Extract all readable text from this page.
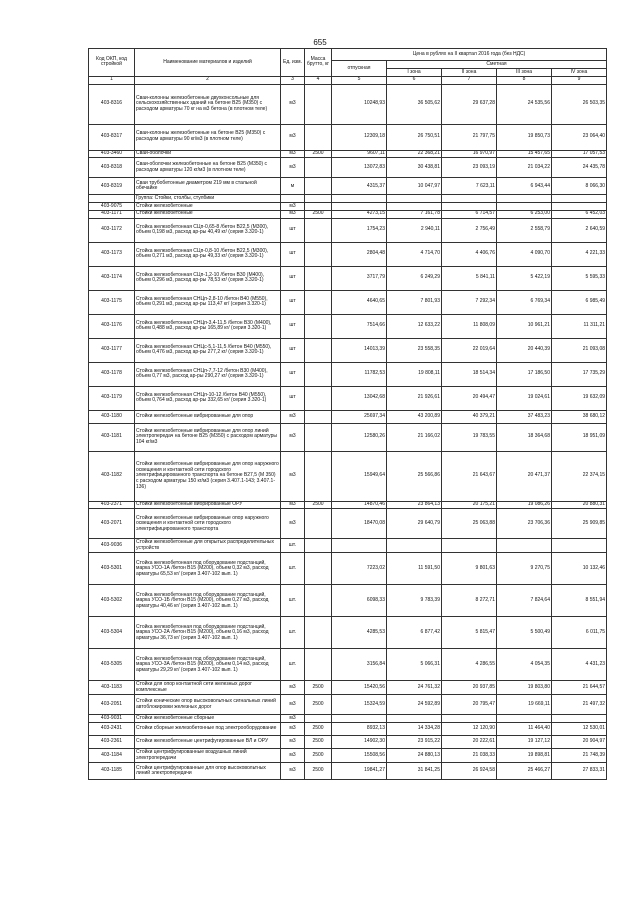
655
Код ОКП, код стройкой	Наименование материалов и изделий	Ед. изм.	Масса брутто, кг	Цена в рублях на II квартал 2016 года (без НДС)				
				отпускная	Сметная			
					I зона	II зона	III зона	IV зона
1	2	3	4	5	6	7	8	9
403-8316	Сваи-колонны железобетонные двухконсольные для сельскохозяйственных зданий на бетоне В25 (М350) с расходом арматуры 70 кг на м3 бетона (в плотном теле)	м3		10248,93	36 505,62	29 637,28	24 535,56	26 503,35
403-8317	Сваи-колонны железобетонные на бетоне В25 (М350) с расходом арматуры 90 кг/м3 (в плотном теле)	м3		12309,18	26 750,51	21 797,75	19 850,73	23 064,40
403-3460	Сваи-оболочки	м3	2500	9607,11	22 368,21	16 970,97	15 457,65	17 057,53
403-8318	Сваи-оболочки железобетонные на бетоне В25 (М350) с расходом арматуры 120 кг/м3 (в плотном теле)	м3		13072,83	30 438,81	23 093,19	21 034,22	24 435,78
403-8319	Сваи трубобетонные диаметром 219 мм в стальной обечайке	м		4315,37	10 047,97	7 623,11	6 943,44	8 066,30
	Группа: Стойки, столбы, стулбики							
403-9075	Стойки железобетонные	м3						
403-1171	Стойки железобетонные	м3	2500	4273,15	7 161,78	6 714,57	6 253,00	6 452,03
403-1172	Стойка железобетонная СЦп-0,65-8 /бетон В22,5 (М300), объем 0,198 м3, расход ар-ры 40,49 кг/ (серия 3.320-1)	шт		1754,23	2 940,11	2 756,49	2 558,79	2 640,59
403-1173	Стойка железобетонная СЦп-0,8-10 /бетон В22,5 (М300), объем 0,271 м3, расход ар-ры 49,33 кг/ (серия 3.320-1)	шт		2804,48	4 714,70	4 406,76	4 090,70	4 221,33
403-1174	Стойка железобетонная СЦп-1,2-10 /бетон В30 (М400), объем 0,296 м3, расход ар-ры 78,53 кг/ (серия 3.320-1)	шт		3717,79	6 249,29	5 841,11	5 422,19	5 595,33
403-1175	Стойка железобетонная СНЦп-2,8-10 /бетон В40 (М550), объем 0,291 м3, расход ар-ры 113,47 кг/ (серия 3.320-1)	шт		4640,65	7 801,93	7 292,34	6 769,34	6 985,49
403-1176	Стойка железобетонная СНЦп-3,4-11,5 /бетон В30 (М400), объем 0,488 м3, расход ар-ры 165,89 кг/ (серия 3.320-1)	шт		7514,66	12 633,22	11 808,09	10 961,21	11 311,21
403-1177	Стойка железобетонная СНЦс-5,1-11,5 /бетон В40 (М550), объем 0,476 м3, расход ар-ры 277,2 кг/ (серия 3.320-1)	шт		14013,39	23 558,35	22 019,64	20 440,39	21 093,08
403-1178	Стойка железобетонная СНЦп-7,7-12 /бетон В30 (М400), объем 0,77 м3, расход ар-ры 290,27 кг/ (серия 3.320-1)	шт		11782,53	19 808,11	18 514,34	17 186,50	17 735,29
403-1179	Стойка железобетонная СНЦп-10-12 /бетон В40 (М550), объем 0,764 м3, расход ар-ры 332,65 кг/ (серия 3.320-1)	шт		13042,68	21 926,61	20 494,47	19 024,61	19 632,09
403-1180	Стойки железобетонные вибрированные для опор	м3		25697,34	43 200,89	40 379,21	37 483,23	38 680,12
403-1181	Стойки железобетонные вибрированные для опор линий электропередач на бетоне В25 (М350) с расходом арматуры 104 кг/м3	м3		12580,26	21 166,02	19 783,55	18 364,68	18 951,09
403-1182	Стойки железобетонные вибрированные для опор наружного освещения и контактной сети городского электрифицированного транспорта на бетоне В27,5 (М 350) с расходом арматуры 150 кг/м3 (серия 3.407.1-143; 3.407.1-136)	м3		15949,64	25 566,86	21 643,67	20 471,37	22 374,15
403-2371	Стойки железобетонные вибрированные ОРУ	м3	2500	14870,46	23 864,13	20 175,21	19 086,26	20 880,31
403-2071	Стойки железобетонные вибрированные опор наружного освещения и контактной сети городского электрифицированного транспорта	м3		18470,08	29 640,79	25 063,88	23 706,36	25 909,85
403-9036	Стойки железобетонные для открытых распределительных устройств	шт.						
403-5301	Стойка железобетонная под оборудование подстанций, марка УСО-1А /бетон В15 (М200), объем 0,32 м3, расход арматуры 65,53 кг/ (серия 3.407-102 вып. 1)	шт.		7223,02	11 591,50	9 801,63	9 270,75	10 132,46
403-5302	Стойка железобетонная под оборудование подстанций, марка УСО-1Б /бетон В15 (М200), объем 0,27 м3, расход арматуры 40,46 кг/ (серия 3.407-102 вып. 1)	шт.		6098,33	9 783,39	8 272,71	7 824,64	8 551,94
403-5304	Стойка железобетонная под оборудование подстанций, марка УСО-2А /бетон В15 (М200), объем 0,16 м3, расход арматуры 36,73 кг/ (серия 3.407-102 вып. 1)	шт.		4285,53	6 877,42	5 815,47	5 500,49	6 011,75
403-5305	Стойка железобетонная под оборудование подстанций, марка УСО-3А /бетон В15 (М200), объем 0,14 м3, расход арматуры 29,29 кг/ (серия 3.407-102 вып. 1)	шт.		3156,84	5 066,31	4 286,55	4 054,35	4 431,23
403-1183	Стойки для опор контактной сети железных дорог комплексные	м3	2500	15420,56	24 761,32	20 937,85	19 803,80	21 644,57
403-2051	Стойки конические опор высоковольтных сигнальных линий автоблокировки железных дорог	м3	2500	15324,59	24 592,89	20 795,47	19 669,11	21 497,32
403-9031	Стойки железобетонные сборные	м3						
403-2431	Стойки сборные железобетонные под электрооборудование	м3	2500	8932,13	14 334,28	12 120,90	11 464,40	12 530,01
403-2361	Стойки железобетонные центрифугированные ВЛ и ОРУ	м3	2500	14902,30	23 915,22	20 222,61	19 127,12	20 904,97
403-1184	Стойки центрифугированные воздушных линий электропередачи	м3	2500	15508,56	24 880,13	21 038,33	19 898,81	21 748,39
403-1185	Стойки центрифугированные для опор высоковольтных линий электропередачи	м3	2500	19841,27	31 841,25	26 924,58	25 466,27	27 833,31
